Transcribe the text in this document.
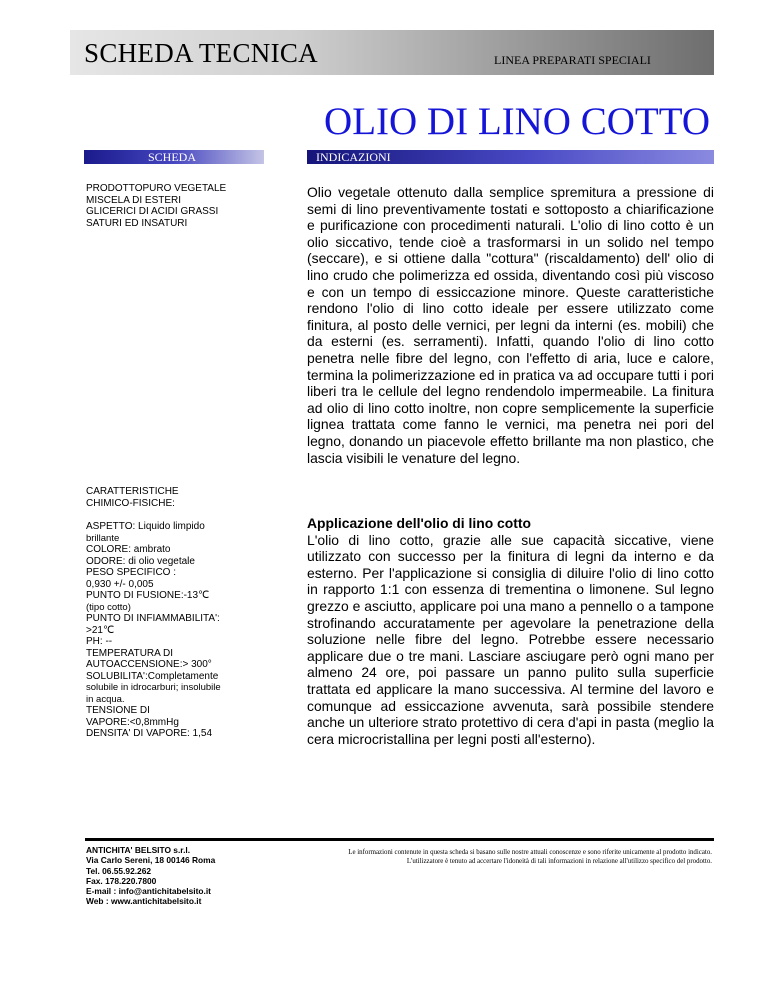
SCHEDA TECNICA	LINEA PREPARATI SPECIALI
OLIO DI LINO COTTO
SCHEDA	INDICAZIONI
PRODOTTOPURO VEGETALE
MISCELA DI ESTERI
GLICERICI DI ACIDI GRASSI
SATURI ED INSATURI
CARATTERISTICHE
CHIMICO-FISICHE:
ASPETTO: Liquido limpido
brillante
COLORE: ambrato
ODORE: di olio vegetale
PESO SPECIFICO :
0,930 +/- 0,005
PUNTO DI FUSIONE:-13℃
(tipo cotto)
PUNTO DI INFIAMMABILITA':
>21℃
PH: --
TEMPERATURA DI
AUTOACCENSIONE:> 300°
SOLUBILITA':Completamente
solubile in idrocarburi; insolubile
in acqua.
TENSIONE DI
VAPORE:<0,8mmHg
DENSITA' DI VAPORE: 1,54

Olio vegetale ottenuto dalla semplice spremitura a pressione di semi di lino preventivamente tostati e sottoposto a chiarificazione e purificazione con procedimenti naturali. L'olio di lino cotto è un olio siccativo, tende cioè a trasformarsi in un solido nel tempo (seccare), e si ottiene dalla "cottura" (riscaldamento) dell' olio di lino crudo che polimerizza ed ossida, diventando così più viscoso e con un tempo di essiccazione minore. Queste caratteristiche rendono l'olio di lino cotto ideale per essere utilizzato come finitura, al posto delle vernici, per legni da interni (es. mobili) che da esterni (es. serramenti). Infatti, quando l'olio di lino cotto penetra nelle fibre del legno, con l'effetto di aria, luce e calore, termina la polimerizzazione ed in pratica va ad occupare tutti i pori liberi tra le cellule del legno rendendolo impermeabile. La finitura ad olio di lino cotto inoltre, non copre semplicemente la superficie lignea trattata come fanno le vernici, ma penetra nei pori del legno, donando un piacevole effetto brillante ma non plastico, che lascia visibili le venature del legno.

Applicazione dell'olio di lino cotto

L'olio di lino cotto, grazie alle sue capacità siccative, viene utilizzato con successo per la finitura di legni da interno e da esterno. Per l'applicazione si consiglia di diluire l'olio di lino cotto in rapporto 1:1 con essenza di trementina o limonene. Sul legno grezzo e asciutto, applicare poi una mano a pennello o a tampone strofinando accuratamente per agevolare la penetrazione della soluzione nelle fibre del legno. Potrebbe essere necessario applicare due o tre mani. Lasciare asciugare però ogni mano per almeno 24 ore, poi passare un panno pulito sulla superficie trattata ed applicare la mano successiva. Al termine del lavoro e comunque ad essiccazione avvenuta, sarà possibile stendere anche un ulteriore strato protettivo di cera d'api in pasta (meglio la cera microcristallina per legni posti all'esterno).

ANTICHITA' BELSITO s.r.l.
Via Carlo Sereni, 18 00146 Roma
Tel. 06.55.92.262
Fax. 178.220.7800
E-mail : info@antichitabelsito.it
Web : www.antichitabelsito.it
Le informazioni contenute in questa scheda si basano sulle nostre attuali conoscenze e sono riferite unicamente al prodotto indicato.
L'utilizzatore è tenuto ad accertare l'idoneità di tali informazioni in relazione all'utilizzo specifico del prodotto.
